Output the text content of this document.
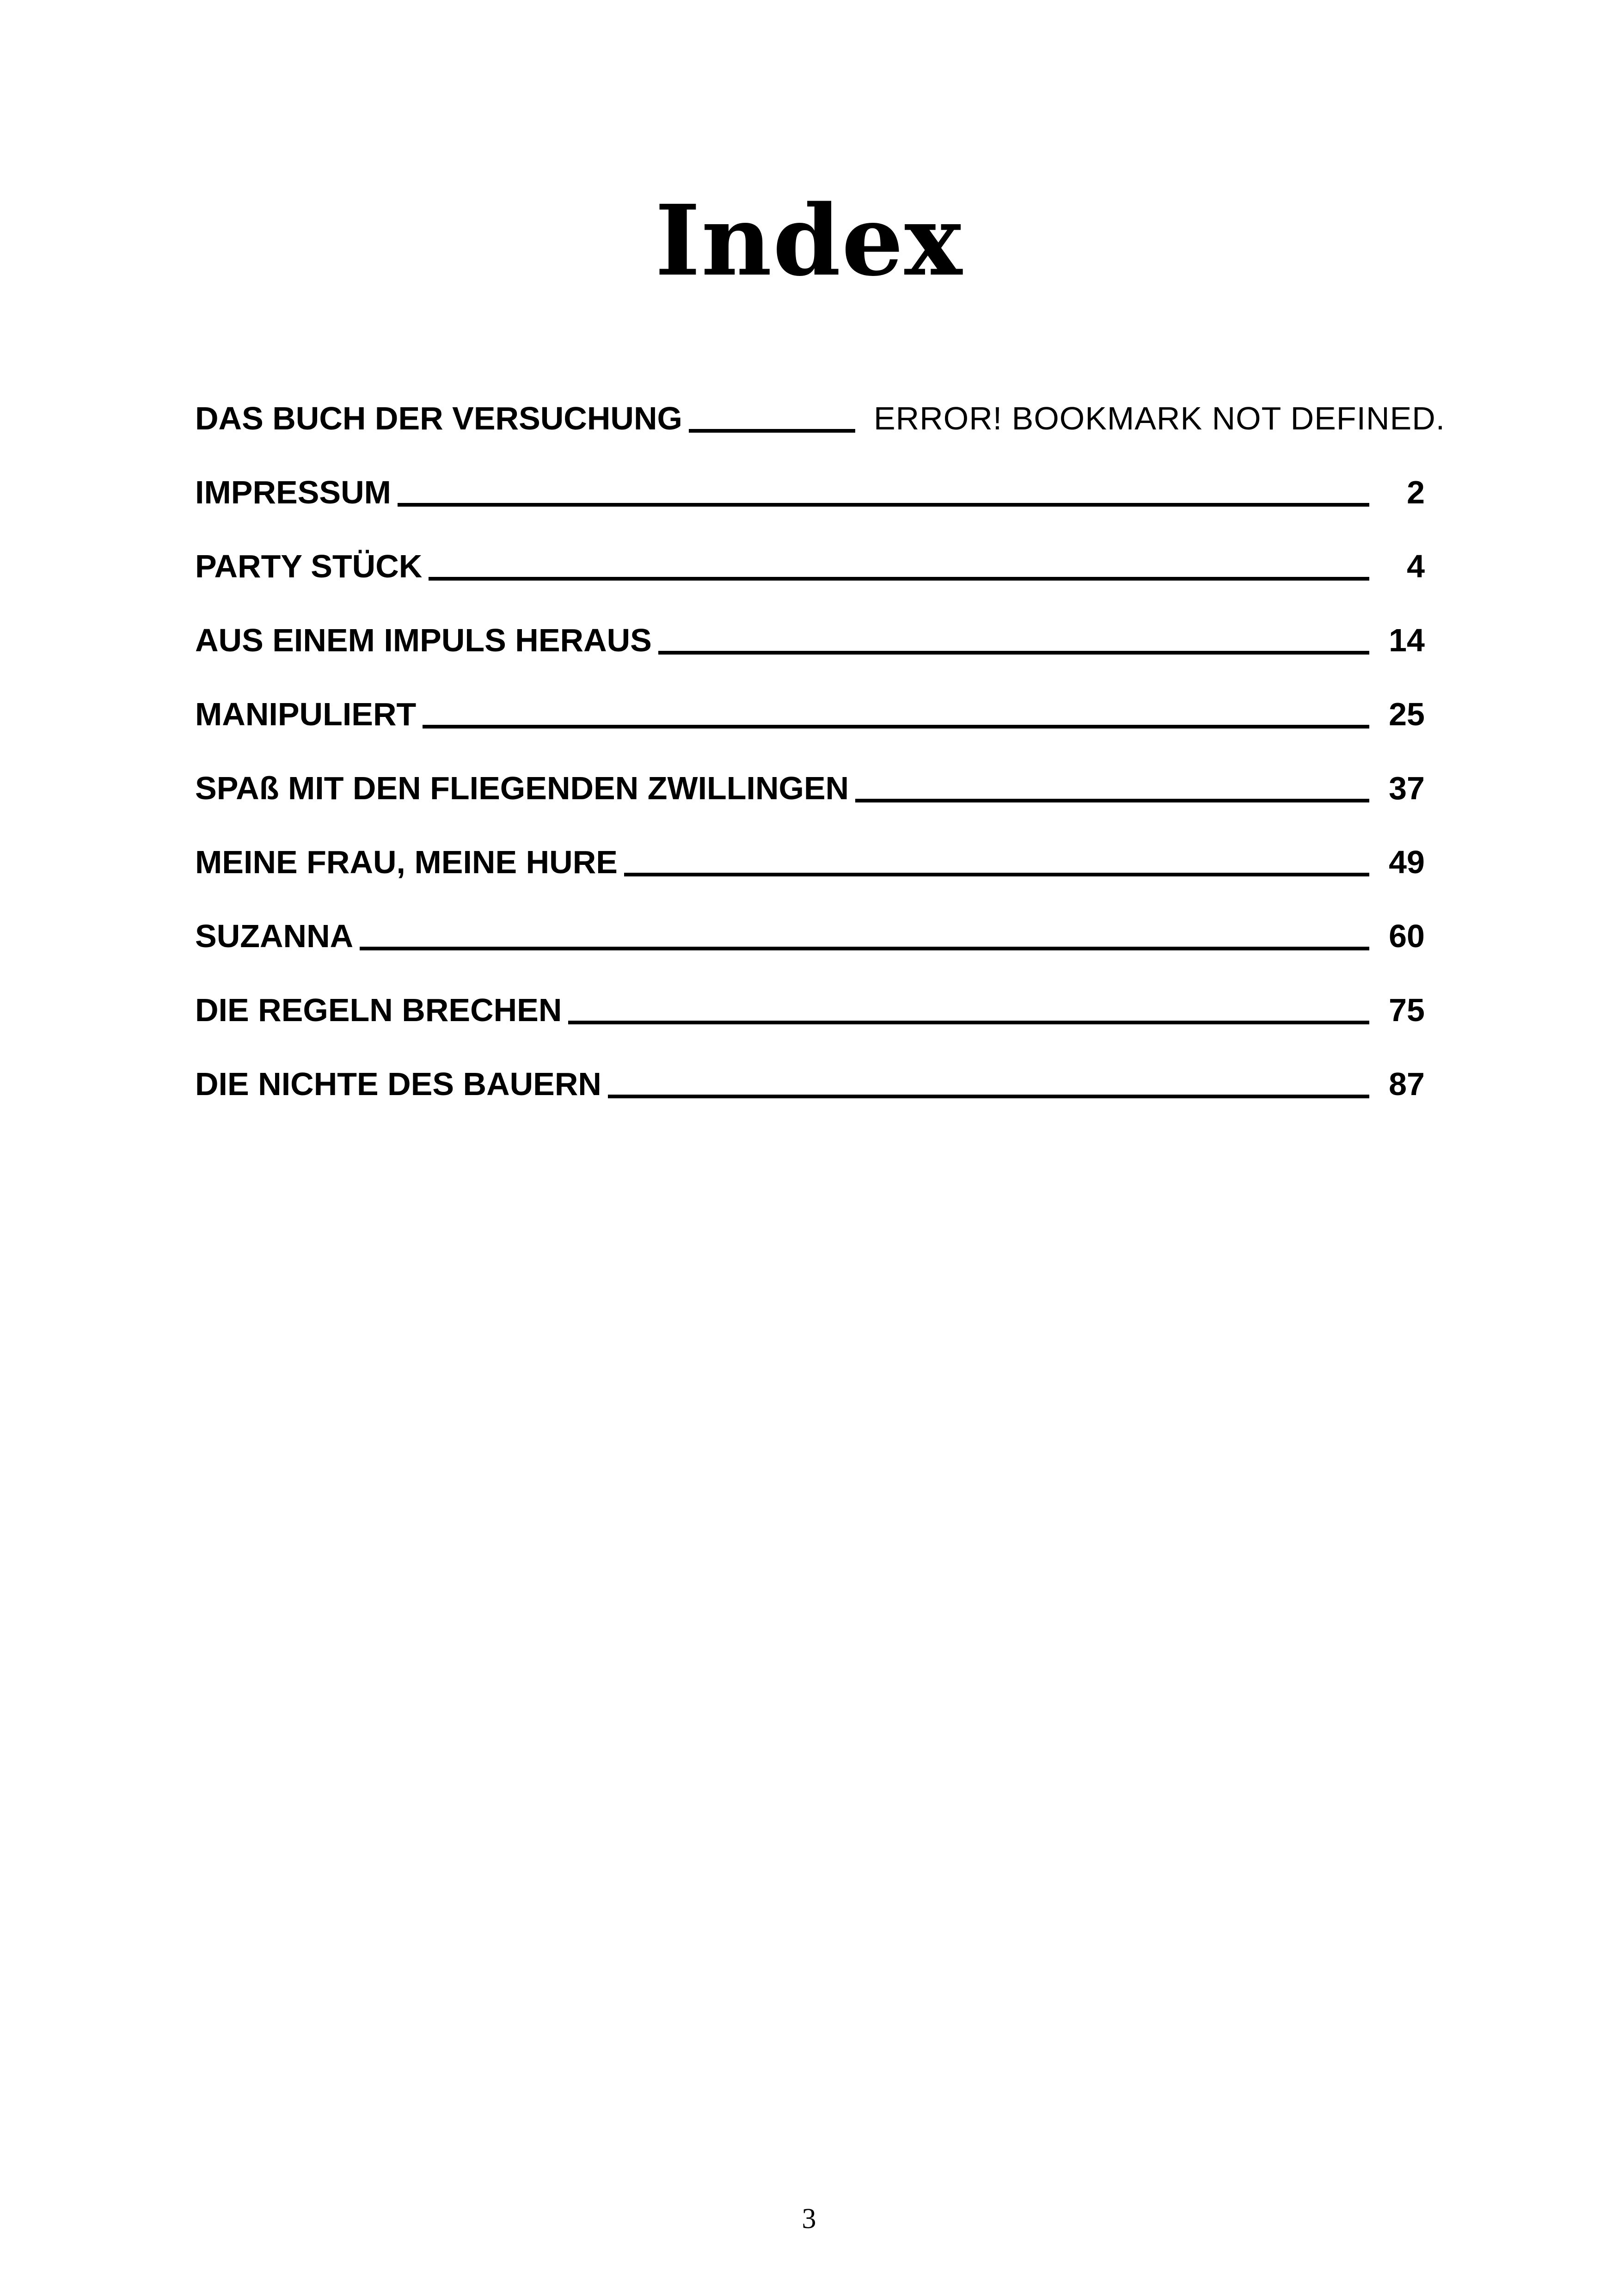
Index
DAS BUCH DER VERSUCHUNG	ERROR! BOOKMARK NOT DEFINED.
IMPRESSUM	2
PARTY STÜCK	4
AUS EINEM IMPULS HERAUS	14
MANIPULIERT	25
SPAß MIT DEN FLIEGENDEN ZWILLINGEN	37
MEINE FRAU, MEINE HURE	49
SUZANNA	60
DIE REGELN BRECHEN	75
DIE NICHTE DES BAUERN	87
3
